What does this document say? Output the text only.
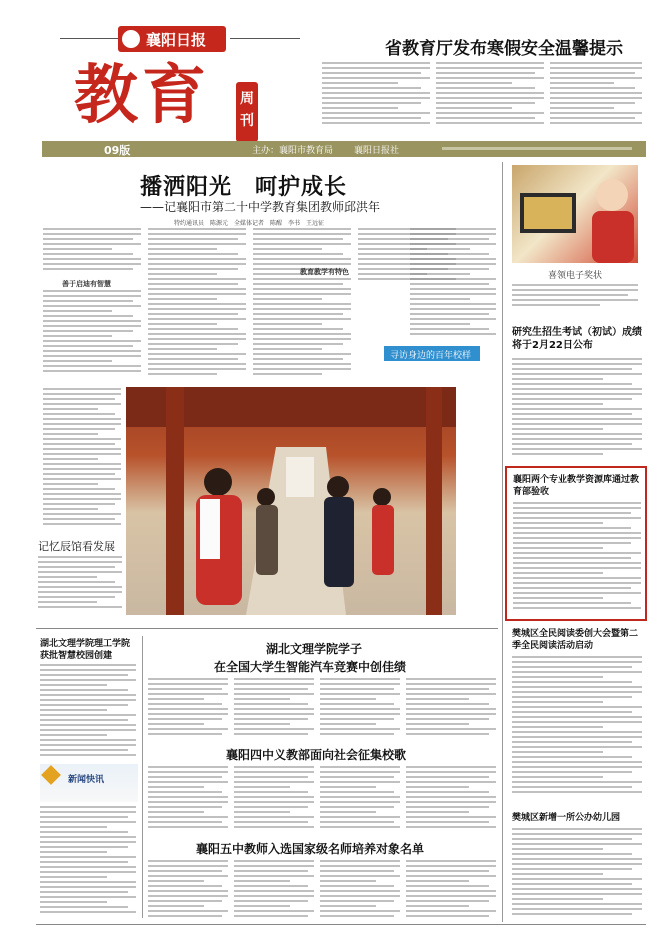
襄阳日报
教育 周刊
省教育厅发布寒假安全温馨提示
09版	主办：襄阳市教育局 襄阳日报社
播洒阳光　呵护成长
——记襄阳市第二十中学教育集团教师邱洪年
特约通讯员　陈源元　全媒体记者　陈醒　李书　王远征
善于启迪有智慧
教育教学有特色
寻访身边的百年校样
记忆辰馆看发展
喜领电子奖状
研究生招生考试（初试）成绩将于2月22日公布
襄阳两个专业教学资源库通过教育部验收
樊城区全民阅读委创大会暨第二季全民阅读活动启动
樊城区新增一所公办幼儿园
湖北文理学院理工学院获批智慧校园创建
新闻快讯
湖北文理学院学子
在全国大学生智能汽车竞赛中创佳绩
襄阳四中义教部面向社会征集校歌
襄阳五中教师入选国家级名师培养对象名单
